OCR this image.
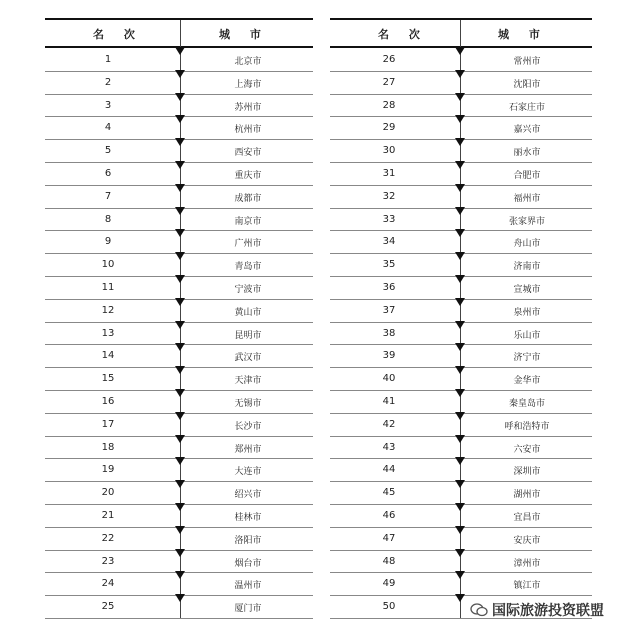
名 次	城 市
1	北京市
2	上海市
3	苏州市
4	杭州市
5	西安市
6	重庆市
7	成都市
8	南京市
9	广州市
10	青岛市
11	宁波市
12	黄山市
13	昆明市
14	武汉市
15	天津市
16	无锡市
17	长沙市
18	郑州市
19	大连市
20	绍兴市
21	桂林市
22	洛阳市
23	烟台市
24	温州市
25	厦门市
名 次	城 市
26	常州市
27	沈阳市
28	石家庄市
29	嘉兴市
30	丽水市
31	合肥市
32	福州市
33	张家界市
34	舟山市
35	济南市
36	宣城市
37	泉州市
38	乐山市
39	济宁市
40	金华市
41	秦皇岛市
42	呼和浩特市
43	六安市
44	深圳市
45	湖州市
46	宜昌市
47	安庆市
48	漳州市
49	镇江市
50	国际旅游投资联盟
